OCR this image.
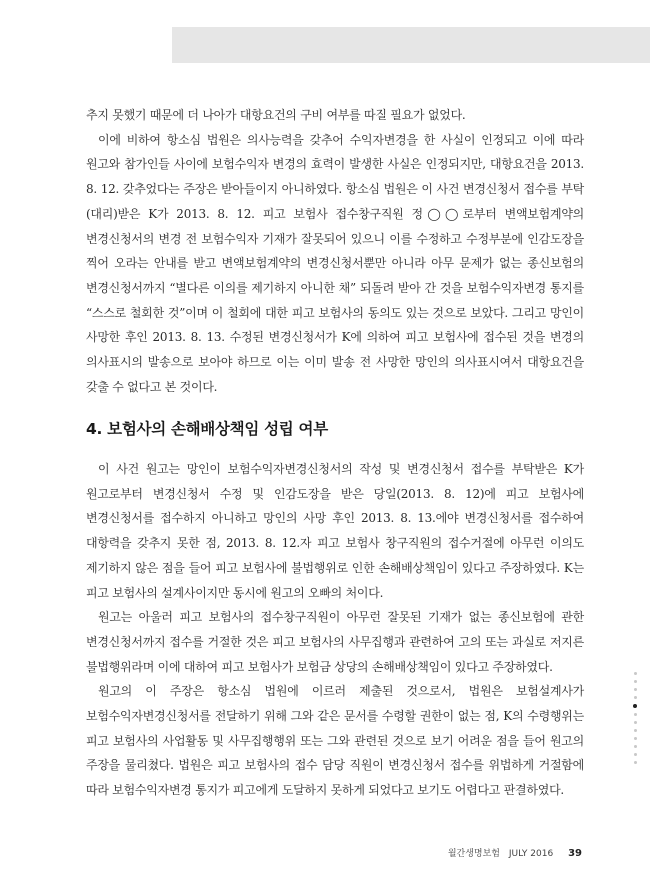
추지 못했기 때문에 더 나아가 대항요건의 구비 여부를 따질 필요가 없었다.

이에 비하여 항소심 법원은 의사능력을 갖추어 수익자변경을 한 사실이 인정되고 이에 따라 원고와 참가인들 사이에 보험수익자 변경의 효력이 발생한 사실은 인정되지만, 대항요건을 2013. 8. 12. 갖추었다는 주장은 받아들이지 아니하였다. 항소심 법원은 이 사건 변경신청서 접수를 부탁(대리)받은 K가 2013. 8. 12. 피고 보험사 접수창구직원 정◯◯로부터 변액보험계약의 변경신청서의 변경 전 보험수익자 기재가 잘못되어 있으니 이를 수정하고 수정부분에 인감도장을 찍어 오라는 안내를 받고 변액보험계약의 변경신청서뿐만 아니라 아무 문제가 없는 종신보험의 변경신청서까지 “별다른 이의를 제기하지 아니한 채” 되돌려 받아 간 것을 보험수익자변경 통지를 “스스로 철회한 것”이며 이 철회에 대한 피고 보험사의 동의도 있는 것으로 보았다. 그리고 망인이 사망한 후인 2013. 8. 13. 수정된 변경신청서가 K에 의하여 피고 보험사에 접수된 것을 변경의 의사표시의 발송으로 보아야 하므로 이는 이미 발송 전 사망한 망인의 의사표시여서 대항요건을 갖출 수 없다고 본 것이다.

4. 보험사의 손해배상책임 성립 여부

이 사건 원고는 망인이 보험수익자변경신청서의 작성 및 변경신청서 접수를 부탁받은 K가 원고로부터 변경신청서 수정 및 인감도장을 받은 당일(2013. 8. 12)에 피고 보험사에 변경신청서를 접수하지 아니하고 망인의 사망 후인 2013. 8. 13.에야 변경신청서를 접수하여 대항력을 갖추지 못한 점, 2013. 8. 12.자 피고 보험사 창구직원의 접수거절에 아무런 이의도 제기하지 않은 점을 들어 피고 보험사에 불법행위로 인한 손해배상책임이 있다고 주장하였다. K는 피고 보험사의 설계사이지만 동시에 원고의 오빠의 처이다.

원고는 아울러 피고 보험사의 접수창구직원이 아무런 잘못된 기재가 없는 종신보험에 관한 변경신청서까지 접수를 거절한 것은 피고 보험사의 사무집행과 관련하여 고의 또는 과실로 저지른 불법행위라며 이에 대하여 피고 보험사가 보험금 상당의 손해배상책임이 있다고 주장하였다.

원고의 이 주장은 항소심 법원에 이르러 제출된 것으로서, 법원은 보험설계사가 보험수익자변경신청서를 전달하기 위해 그와 같은 문서를 수령할 권한이 없는 점, K의 수령행위는 피고 보험사의 사업활동 및 사무집행행위 또는 그와 관련된 것으로 보기 어려운 점을 들어 원고의 주장을 물리쳤다. 법원은 피고 보험사의 접수 담당 직원이 변경신청서 접수를 위법하게 거절함에 따라 보험수익자변경 통지가 피고에게 도달하지 못하게 되었다고 보기도 어렵다고 판결하였다.

월간생명보험 JULY 2016 39
